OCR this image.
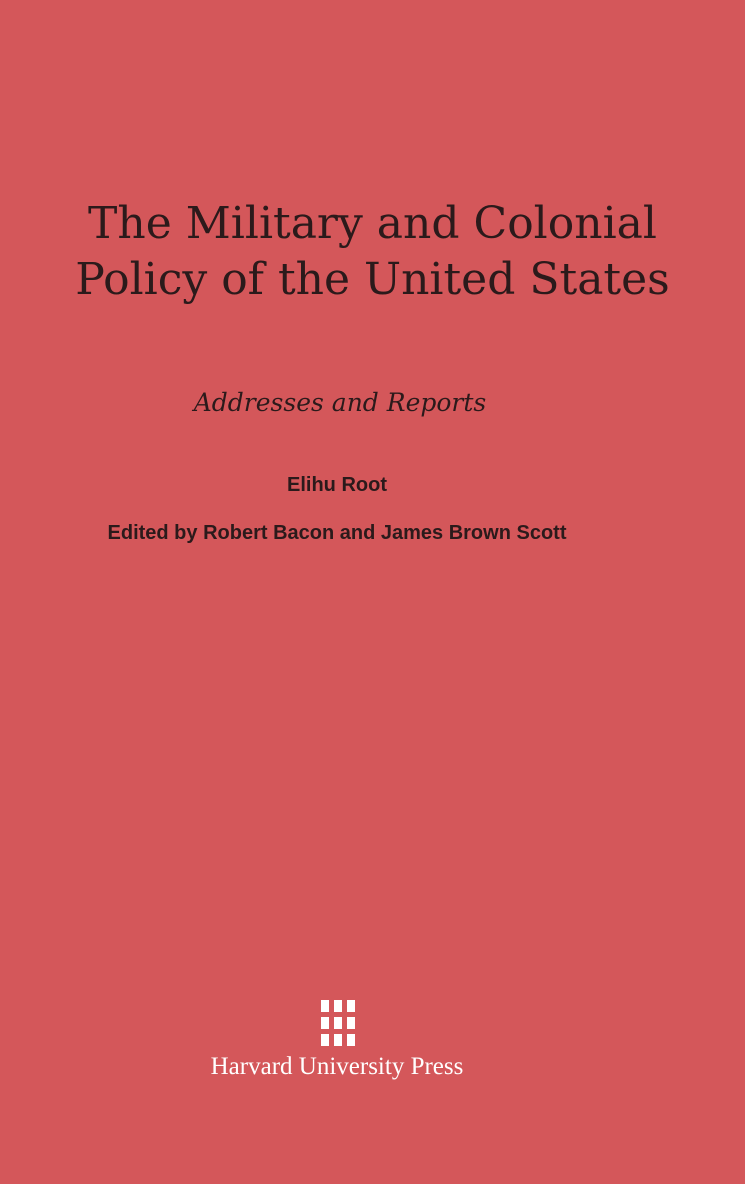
The Military and Colonial
Policy of the United States

Addresses and Reports

Elihu Root

Edited by Robert Bacon and James Brown Scott

Harvard University Press
